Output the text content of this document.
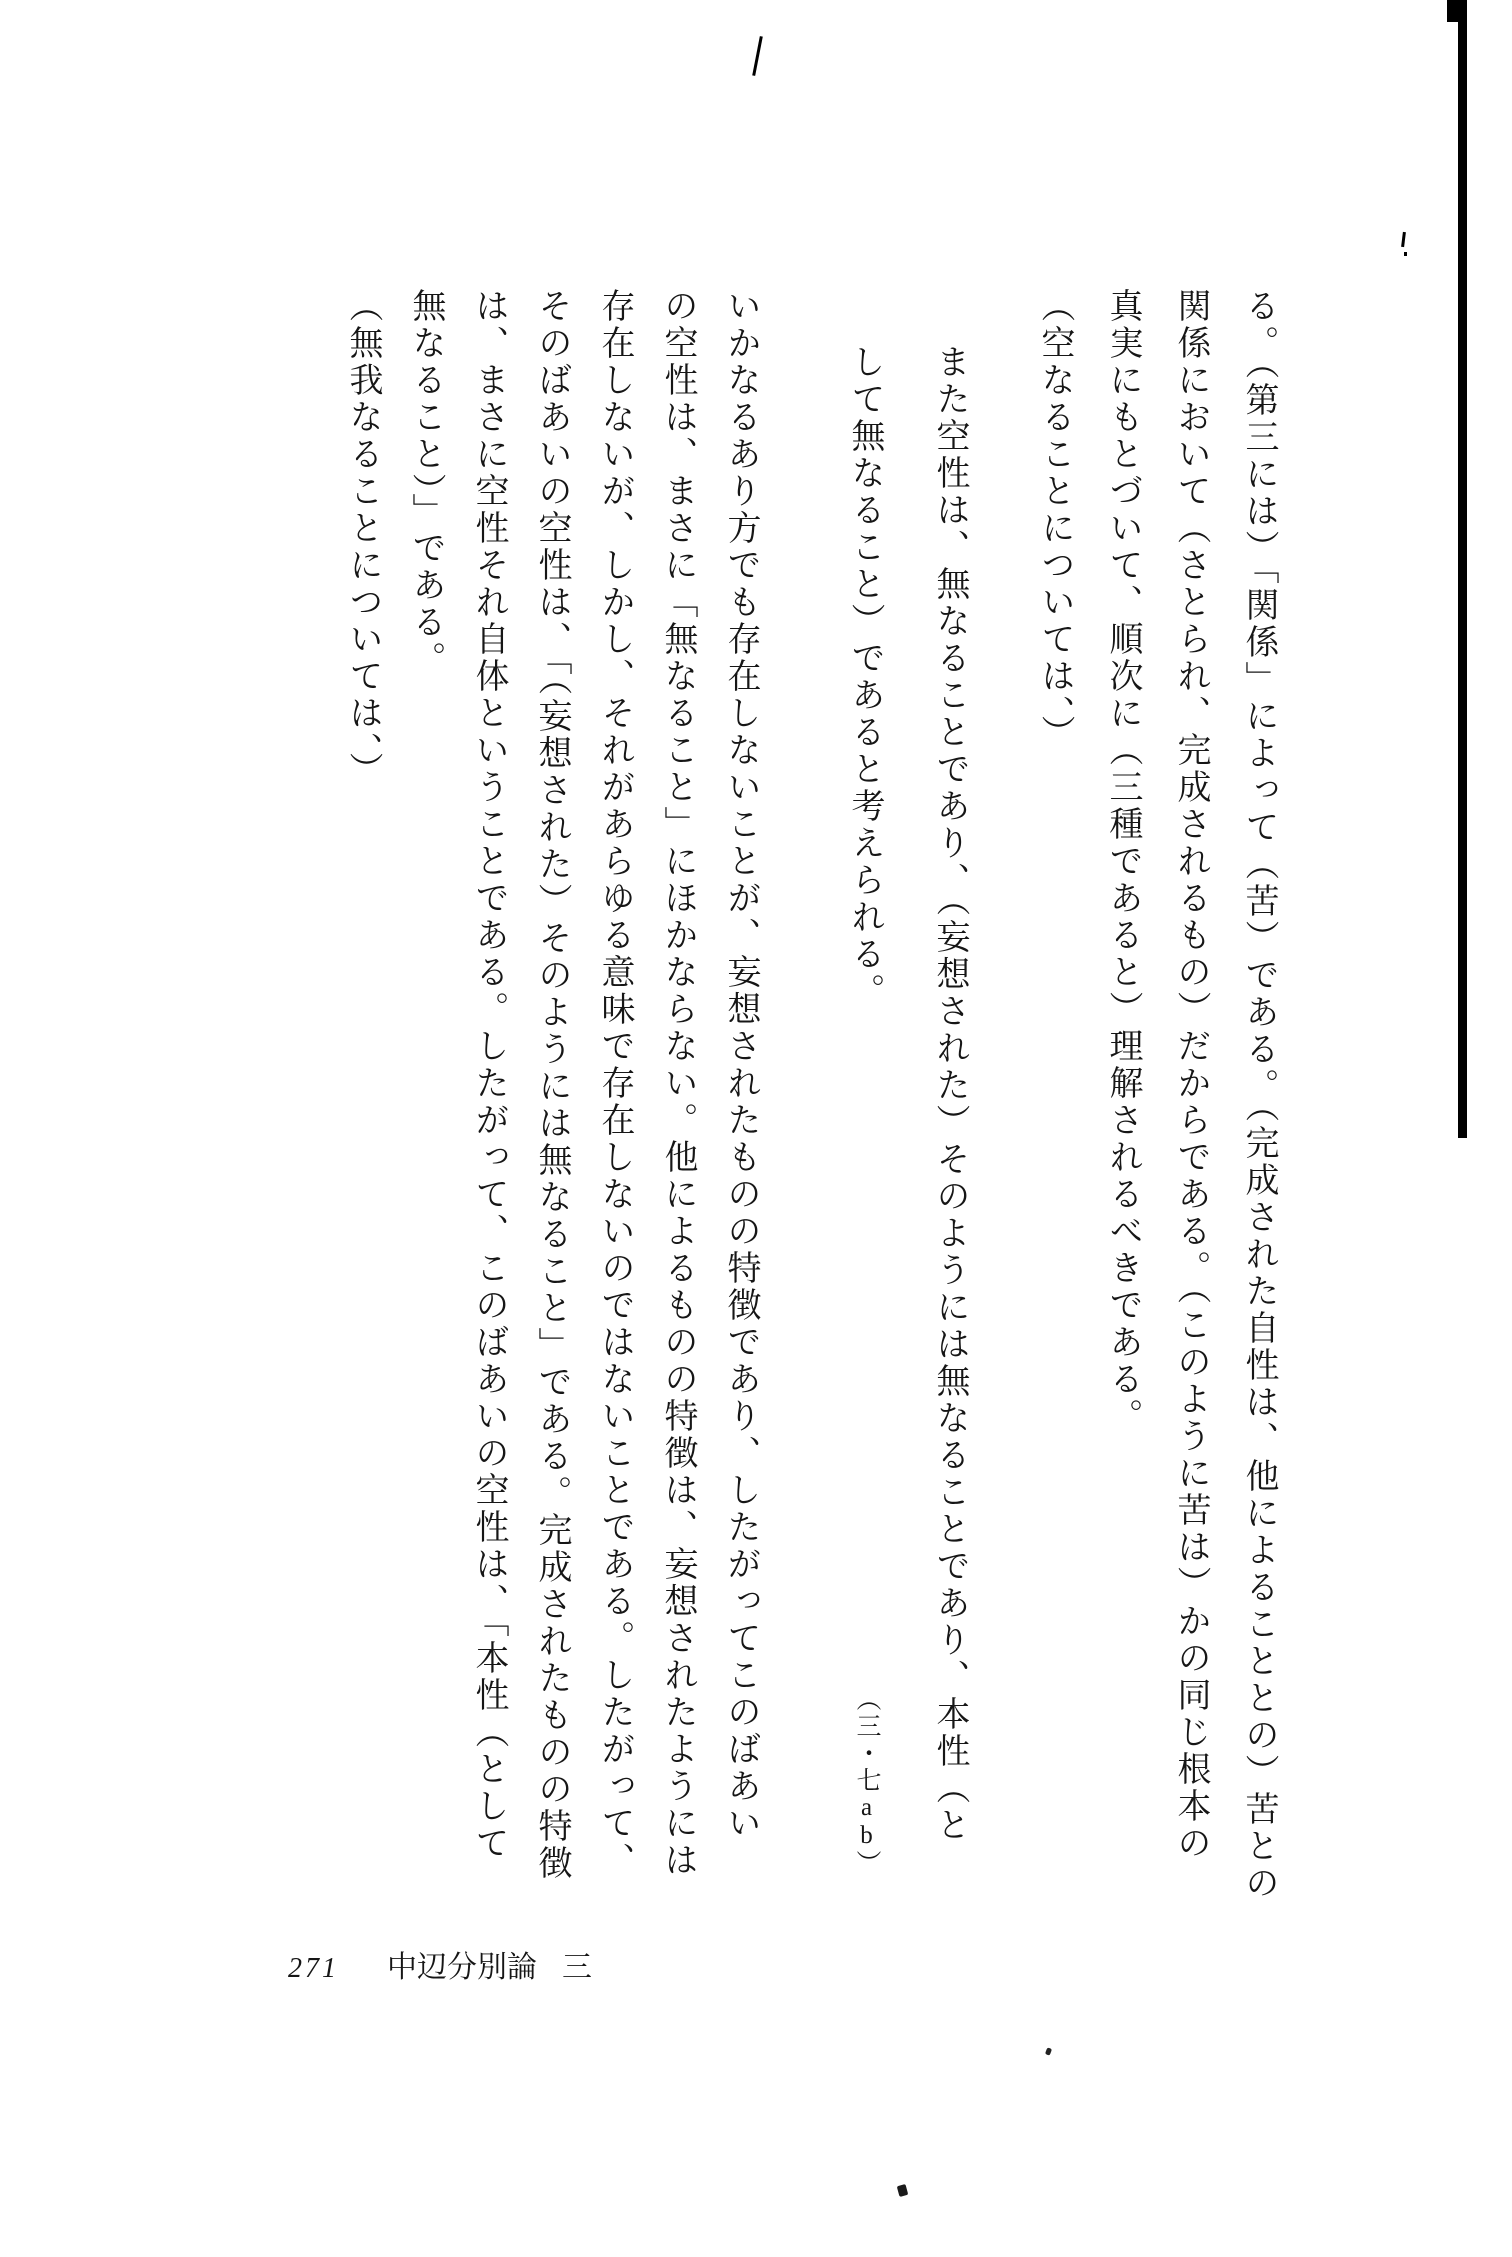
る。（第三には）「関係」によって（苦）である。（完成された自性は、他によることとの）苦との
関係において（さとられ、完成されるもの）だからである。（このように苦は）かの同じ根本の
真実にもとづいて、順次に（三種であると）理解されるべきである。
（空なることについては、）
また空性は、無なることであり、（妄想された）そのようには無なることであり、本性（と
して無なること）であると考えられる。
（三・七ab）
いかなるあり方でも存在しないことが、妄想されたものの特徴であり、したがってこのばあい
の空性は、まさに「無なること」にほかならない。他によるものの特徴は、妄想されたようには
存在しないが、しかし、それがあらゆる意味で存在しないのではないことである。したがって、
そのばあいの空性は、「（妄想された）そのようには無なること」である。完成されたものの特徴
は、まさに空性それ自体ということである。したがって、このばあいの空性は、「本性（として
無なること）」である。
（無我なることについては、）
271 中辺分別論 三
